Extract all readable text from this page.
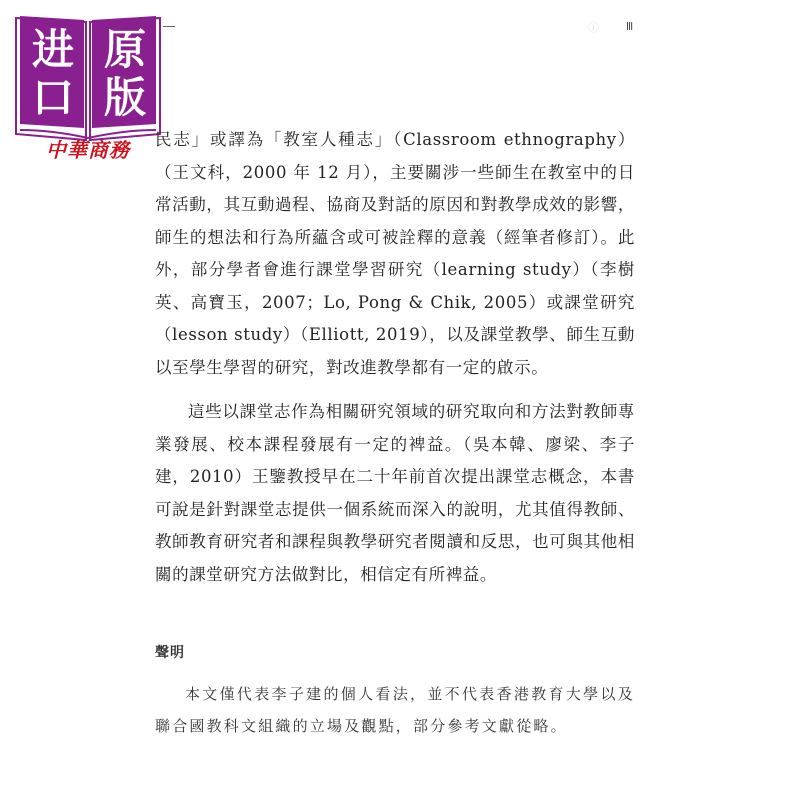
ⓘ lll
进
口
原
版
中華商務	民志」或譯為「教室人種志」（Classroom ethnography）（王文科，2000 年 12 月），主要關涉一些師生在教室中的日常活動，其互動過程、協商及對話的原因和對教學成效的影響，師生的想法和行為所蘊含或可被詮釋的意義（經筆者修訂）。此外，部分學者會進行課堂學習研究（learning study）（李樹英、高寶玉，2007；Lo, Pong & Chik, 2005）或課堂研究（lesson study）（Elliott, 2019），以及課堂教學、師生互動以至學生學習的研究，對改進教學都有一定的啟示。

這些以課堂志作為相關研究領域的研究取向和方法對教師專業發展、校本課程發展有一定的裨益。（吳本韓、廖梁、李子建，2010）王鑒教授早在二十年前首次提出課堂志概念，本書可說是針對課堂志提供一個系統而深入的說明，尤其值得教師、教師教育研究者和課程與教學研究者閱讀和反思，也可與其他相關的課堂研究方法做對比，相信定有所裨益。

聲明

本文僅代表李子建的個人看法，並不代表香港教育大學以及聯合國教科文組織的立場及觀點，部分參考文獻從略。
